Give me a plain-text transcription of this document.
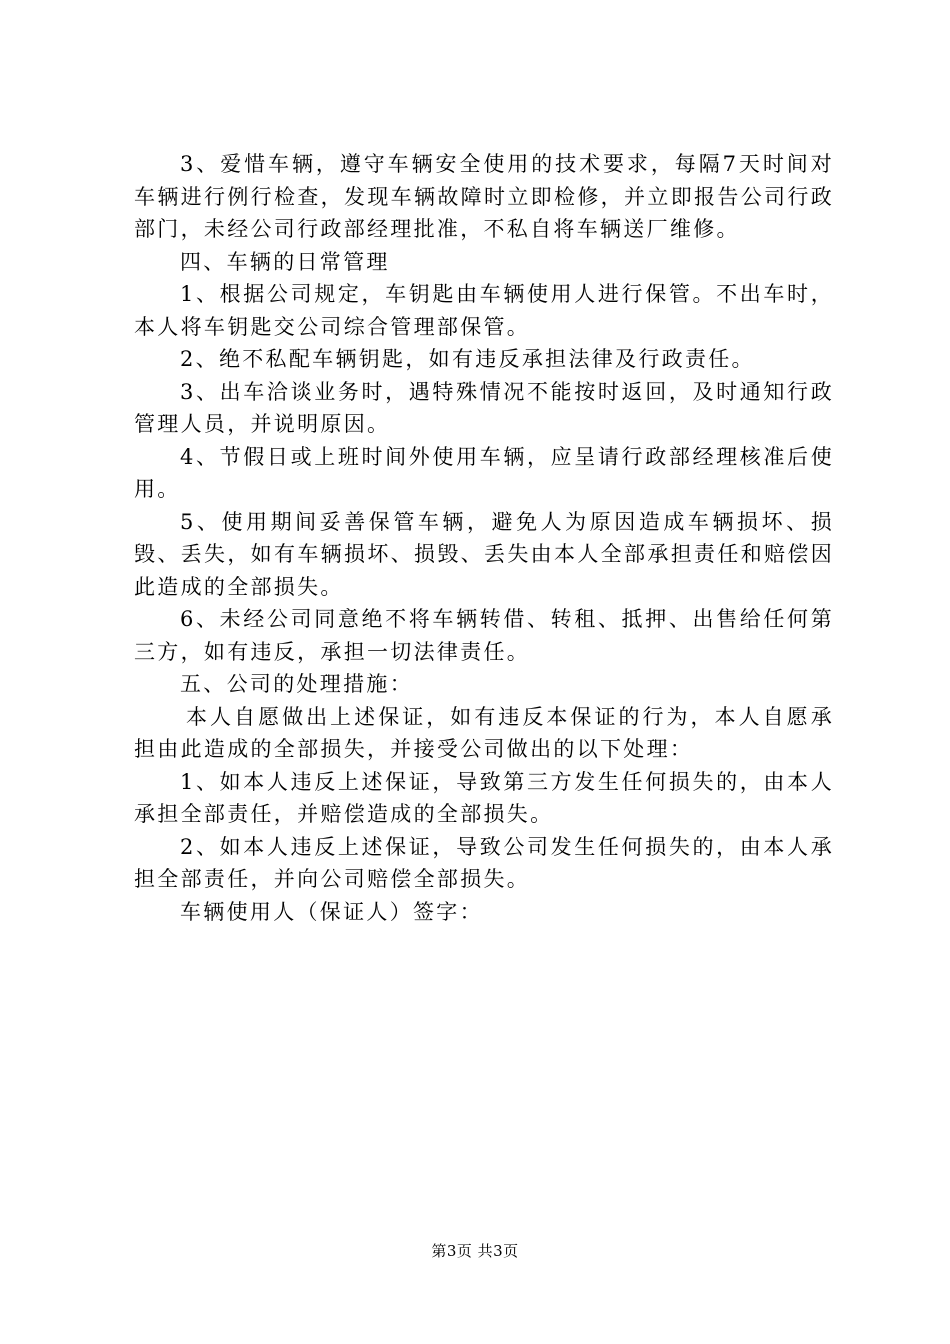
3、爱惜车辆，遵守车辆安全使用的技术要求，每隔7天时间对车辆进行例行检查，发现车辆故障时立即检修，并立即报告公司行政部门，未经公司行政部经理批准，不私自将车辆送厂维修。

四、车辆的日常管理

1、根据公司规定，车钥匙由车辆使用人进行保管。不出车时，本人将车钥匙交公司综合管理部保管。

2、绝不私配车辆钥匙，如有违反承担法律及行政责任。

3、出车洽谈业务时，遇特殊情况不能按时返回，及时通知行政管理人员，并说明原因。

4、节假日或上班时间外使用车辆，应呈请行政部经理核准后使用。

5、使用期间妥善保管车辆，避免人为原因造成车辆损坏、损毁、丢失，如有车辆损坏、损毁、丢失由本人全部承担责任和赔偿因此造成的全部损失。

6、未经公司同意绝不将车辆转借、转租、抵押、出售给任何第三方，如有违反，承担一切法律责任。

五、公司的处理措施：

本人自愿做出上述保证，如有违反本保证的行为，本人自愿承担由此造成的全部损失，并接受公司做出的以下处理：

1、如本人违反上述保证，导致第三方发生任何损失的，由本人承担全部责任，并赔偿造成的全部损失。

2、如本人违反上述保证，导致公司发生任何损失的，由本人承担全部责任，并向公司赔偿全部损失。

车辆使用人（保证人）签字：

第3页 共3页
